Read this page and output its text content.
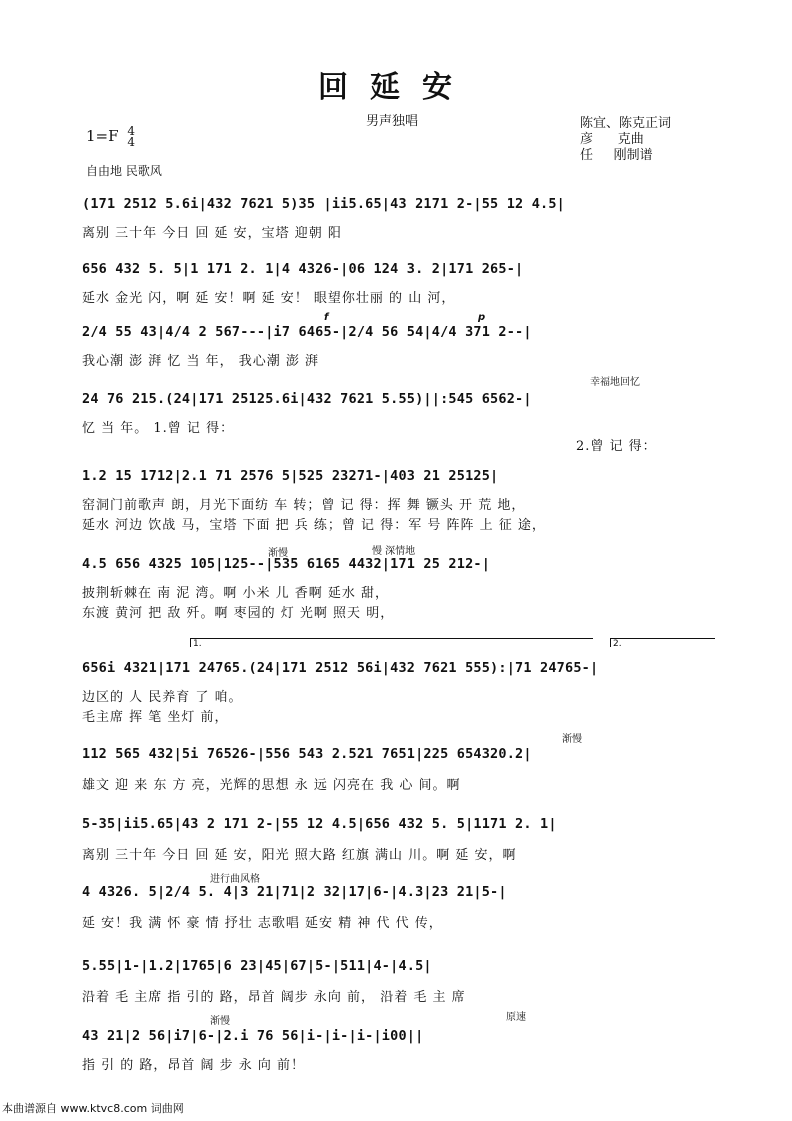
回延安
男声独唱	陈宜、陈克正词
彦      克曲
任     刚制谱
1=F 4
4
自由地 民歌风
(171 2512 5.6i|432 7621 5)35 |iі5.65|43 2171 2-|55 12 4.5|
离别 三十年 今日 回 延 安，宝塔 迎朝 阳
656 432 5. 5|1 171 2. 1|4 4326-|06 124 3. 2|171 265-|
延水 金光 闪，啊 延 安！啊 延 安！ 眼望你壮丽 的 山 河，
f	p
2/4 55 43|4/4 2 567---|i7 6465-|2/4 56 54|4/4 371 2--|
我心潮 澎 湃 忆 当 年， 我心潮 澎 湃
幸福地回忆
24 76 215.(24|171 25125.6i|432 7621 5.55)||:545 6562-|
忆 当 年。 1.曾 记 得：
2.曾 记 得：
1.2 15 1712|2.1 71 2576 5|525 23271-|403 21 25125|
窑洞门前歌声 朗，月光下面纺 车 转；曾 记 得：挥 舞 镢头 开 荒 地，
延水 河边 饮战 马，宝塔 下面 把 兵 练；曾 记 得：军 号 阵阵 上 征 途，
渐慢	慢 深情地
4.5 656 4325 105|125--|535 6165 4432|171 25 212-|
披荆斩棘在 南 泥 湾。啊 小米 儿 香啊 延水 甜，
东渡 黄河 把 敌 歼。啊 枣园的 灯 光啊 照天 明，
1.	2.
656i 4321|171 24765.(24|171 2512 56i|432 7621 555):|71 24765-|
边区的 人 民养育 了 咱。
毛主席 挥 笔 坐灯 前，
渐慢
112 565 432|5i 76526-|556 543 2.521 7651|225 654320.2|
雄文 迎 来 东 方 亮，光辉的思想 永 远 闪亮在 我 心 间。啊
5-35|iі5.65|43 2 171 2-|55 12 4.5|656 432 5. 5|1171 2. 1|
离别 三十年 今日 回 延 安，阳光 照大路 红旗 满山 川。啊 延 安，啊
进行曲风格
4 4326. 5|2/4 5. 4|3 21|71|2 32|17|6-|4.3|23 21|5-|
延 安！我 满 怀 豪 情 抒壮 志歌唱 延安 精 神 代 代 传，
5.55|1-|1.2|1765|6 23|45|67|5-|511|4-|4.5|
沿着 毛 主席 指 引的 路，昂首 阔步 永向 前， 沿着 毛 主 席
渐慢	原速
43 21|2 56|i7|6-|2.i 76 56|i-|i-|i-|i00||
指 引 的 路，昂首 阔 步 永 向 前！
本曲谱源自 www.ktvc8.com 词曲网
